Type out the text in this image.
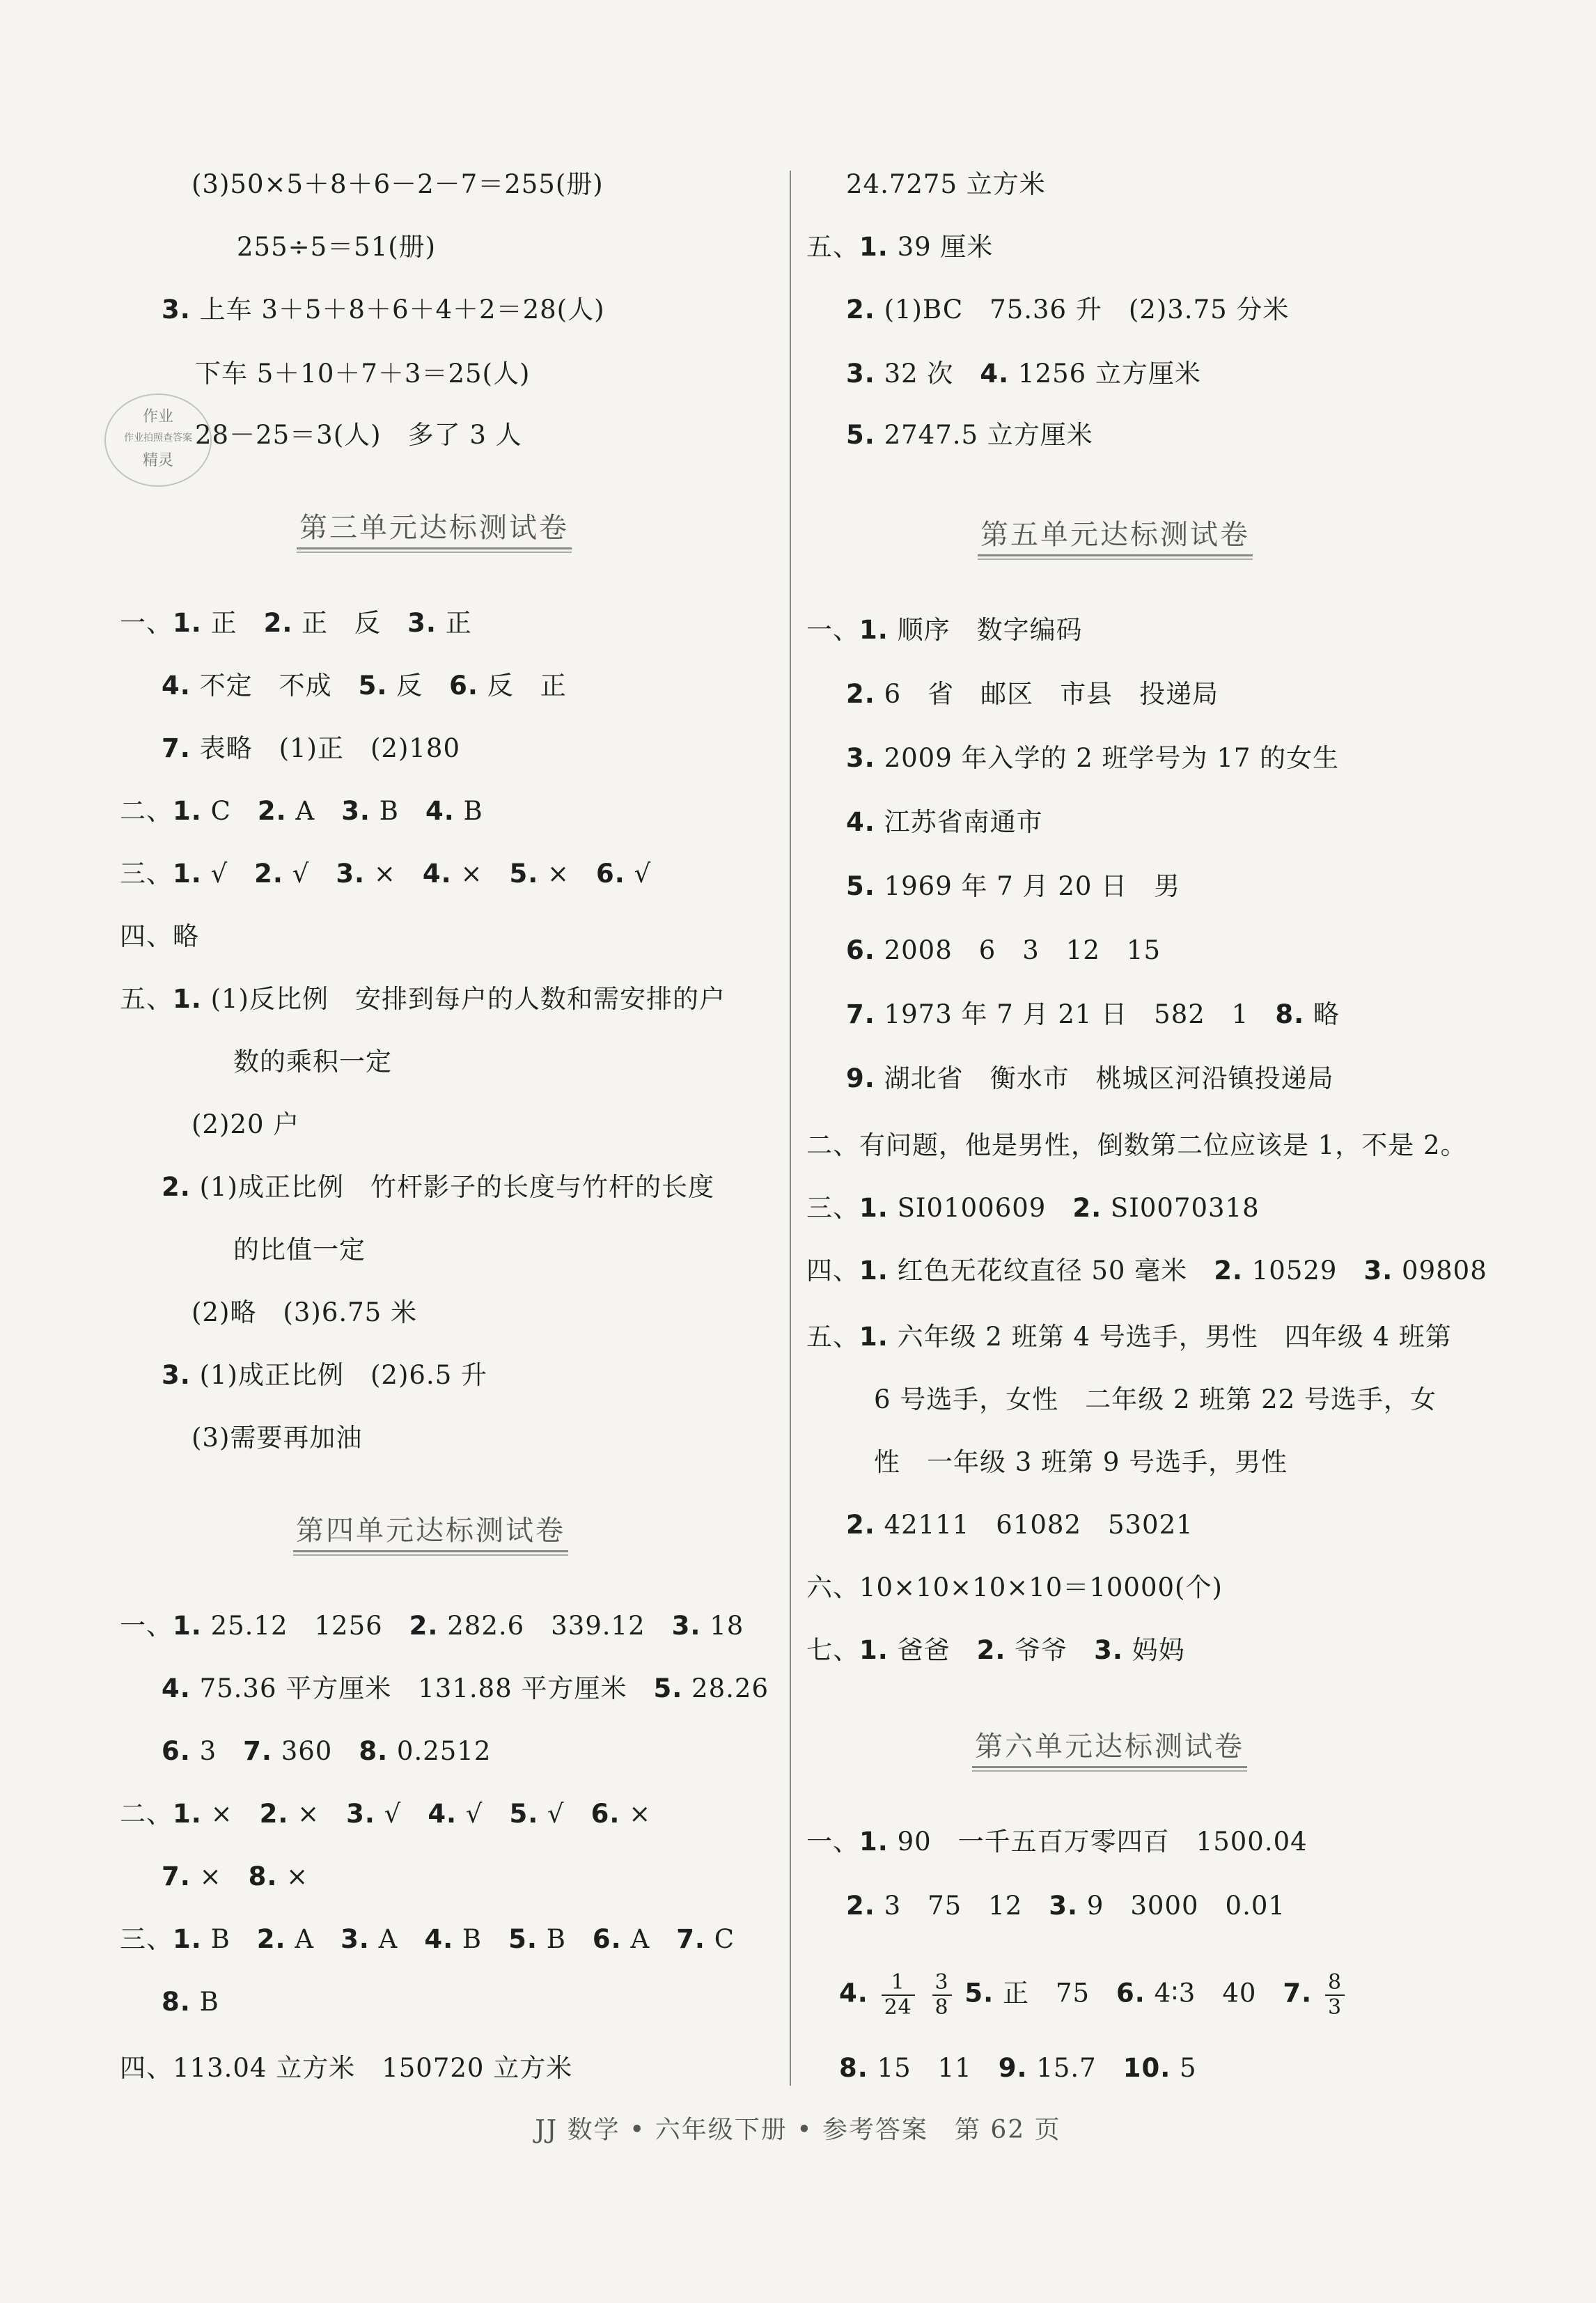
作业
作业拍照查答案
精灵
(3)50×5＋8＋6－2－7＝255(册)
255÷5＝51(册)
3. 上车 3＋5＋8＋6＋4＋2＝28(人)
下车 5＋10＋7＋3＝25(人)
28－25＝3(人)　多了 3 人
第三单元达标测试卷
一、1. 正　2. 正　反　3. 正
4. 不定　不成　5. 反　6. 反　正
7. 表略　(1)正　(2)180
二、1. C　2. A　3. B　4. B
三、1. √　2. √　3. ×　4. ×　5. ×　6. √
四、略
五、1. (1)反比例　安排到每户的人数和需安排的户
数的乘积一定
(2)20 户
2. (1)成正比例　竹杆影子的长度与竹杆的长度
的比值一定
(2)略　(3)6.75 米
3. (1)成正比例　(2)6.5 升
(3)需要再加油
第四单元达标测试卷
一、1. 25.12　1256　2. 282.6　339.12　3. 18
4. 75.36 平方厘米　131.88 平方厘米　5. 28.26
6. 3　7. 360　8. 0.2512
二、1. ×　2. ×　3. √　4. √　5. √　6. ×
7. ×　8. ×
三、1. B　2. A　3. A　4. B　5. B　6. A　7. C
8. B
四、113.04 立方米　150720 立方米
24.7275 立方米
五、1. 39 厘米
2. (1)BC　75.36 升　(2)3.75 分米
3. 32 次　4. 1256 立方厘米
5. 2747.5 立方厘米
第五单元达标测试卷
一、1. 顺序　数字编码
2. 6　省　邮区　市县　投递局
3. 2009 年入学的 2 班学号为 17 的女生
4. 江苏省南通市
5. 1969 年 7 月 20 日　男
6. 2008　6　3　12　15
7. 1973 年 7 月 21 日　582　1　8. 略
9. 湖北省　衡水市　桃城区河沿镇投递局
二、有问题，他是男性，倒数第二位应该是 1，不是 2。
三、1. SI0100609　2. SI0070318
四、1. 红色无花纹直径 50 毫米　2. 10529　3. 09808
五、1. 六年级 2 班第 4 号选手，男性　四年级 4 班第
6 号选手，女性　二年级 2 班第 22 号选手，女
性　一年级 3 班第 9 号选手，男性
2. 42111　61082　53021
六、10×10×10×10＝10000(个)
七、1. 爸爸　2. 爷爷　3. 妈妈
第六单元达标测试卷
一、1. 90　一千五百万零四百　1500.04
2. 3　75　12　3. 9　3000　0.01
4. $\frac{1}{24}$
$\frac{3}{8} 5$. 正　75　6. 4∶3　40　7. $\frac{8}{3}$
8. 15　11　9. 15.7　10. 5
JJ 数学 • 六年级下册 • 参考答案　第 62 页
